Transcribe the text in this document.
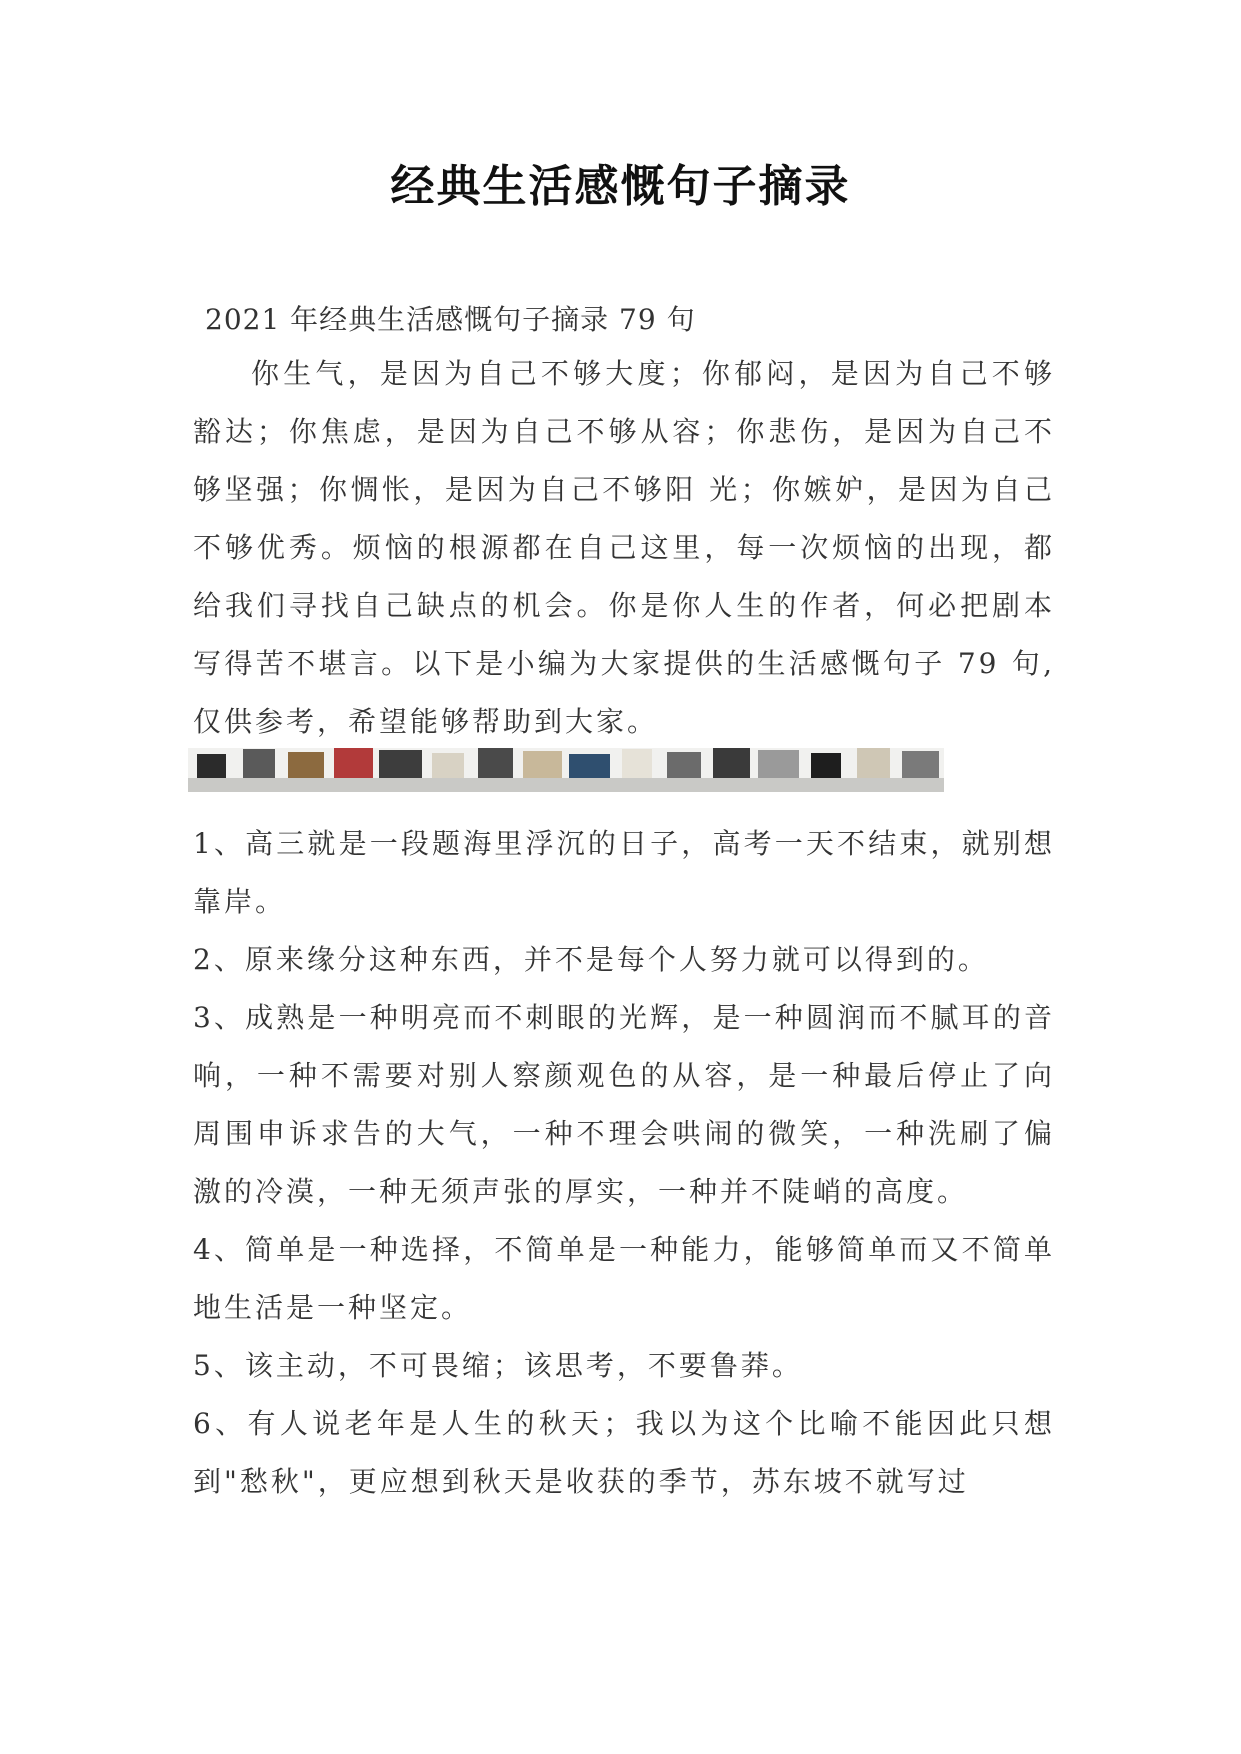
经典生活感慨句子摘录
2021 年经典生活感慨句子摘录 79 句

你生气，是因为自己不够大度；你郁闷，是因为自己不够豁达；你焦虑，是因为自己不够从容；你悲伤，是因为自己不够坚强；你惆怅，是因为自己不够阳 光；你嫉妒，是因为自己不够优秀。烦恼的根源都在自己这里，每一次烦恼的出现，都给我们寻找自己缺点的机会。你是你人生的作者，何必把剧本写得苦不堪言。以下是小编为大家提供的生活感慨句子 79 句,仅供参考，希望能够帮助到大家。

1、高三就是一段题海里浮沉的日子，高考一天不结束，就别想靠岸。

2、原来缘分这种东西，并不是每个人努力就可以得到的。

3、成熟是一种明亮而不刺眼的光辉，是一种圆润而不腻耳的音响，一种不需要对别人察颜观色的从容，是一种最后停止了向周围申诉求告的大气，一种不理会哄闹的微笑，一种洗刷了偏激的冷漠，一种无须声张的厚实，一种并不陡峭的高度。

4、简单是一种选择，不简单是一种能力，能够简单而又不简单地生活是一种坚定。

5、该主动，不可畏缩；该思考，不要鲁莽。

6、有人说老年是人生的秋天；我以为这个比喻不能因此只想到"愁秋"，更应想到秋天是收获的季节，苏东坡不就写过
